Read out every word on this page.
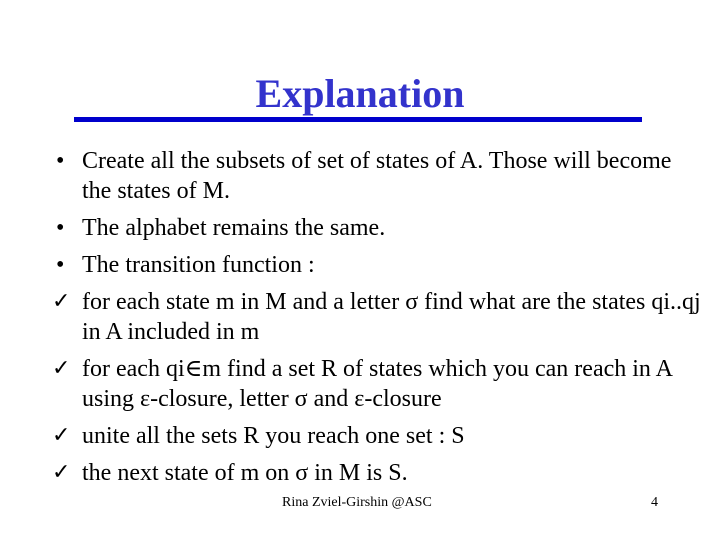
Explanation
• Create all the subsets of set of states of A. Those will become the states of M.
• The alphabet remains the same.
• The transition function :
✓ for each state m in M and a letter σ find what are the states qi..qj in A included in m
✓ for each qi∈m find a set R of states which you can reach in A using ε-closure, letter σ and ε-closure
✓ unite all the sets R you reach one set : S
✓ the next state of m on σ in M is S.
Rina Zviel-Girshin @ASC	4
